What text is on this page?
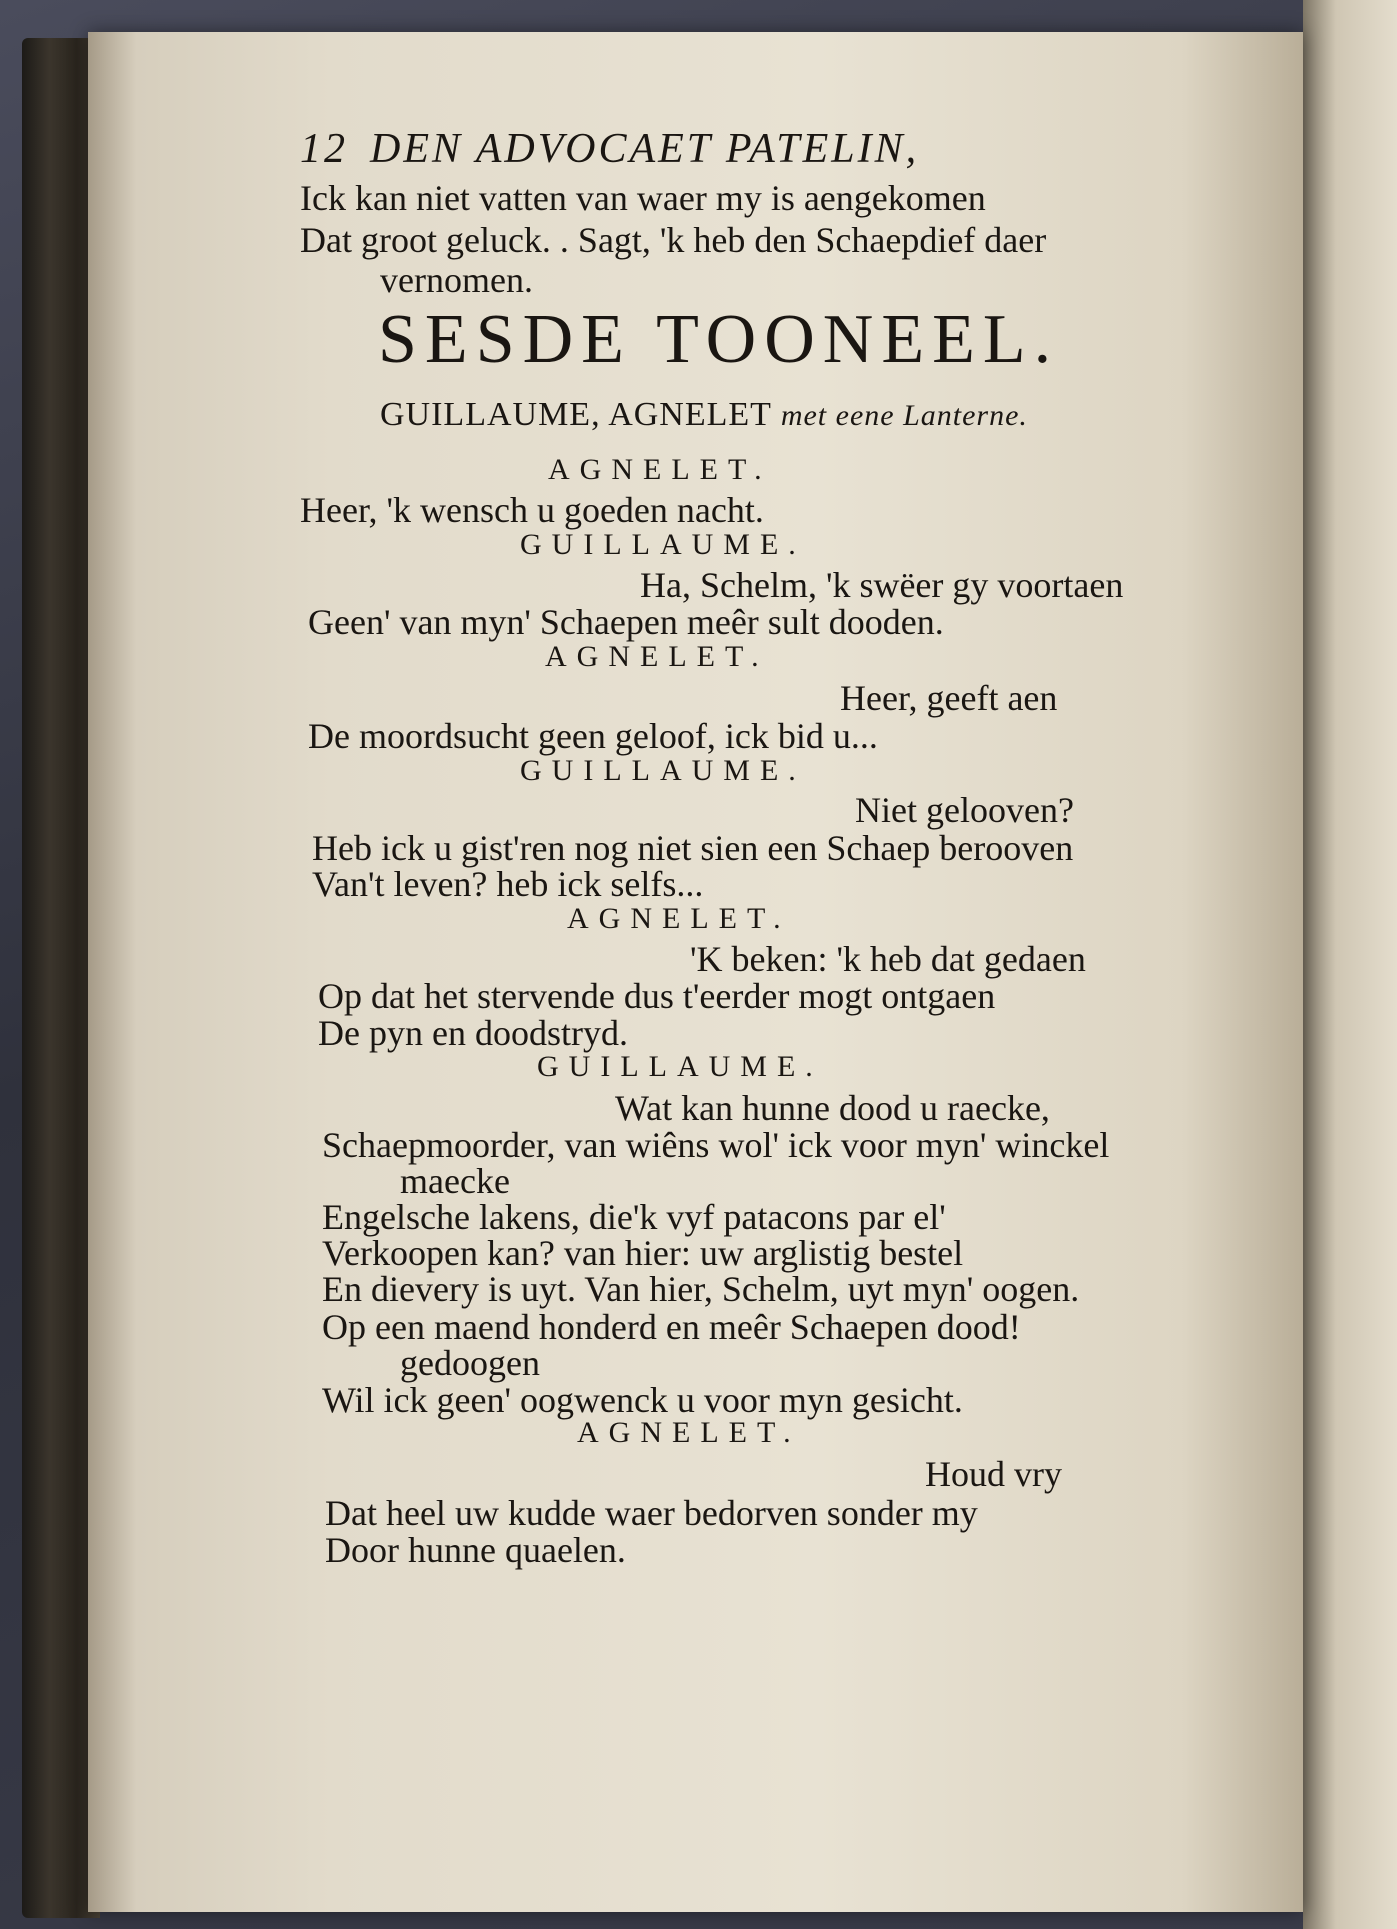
12 DEN ADVOCAET PATELIN,
Ick kan niet vatten van waer my is aengekomen
Dat groot geluck. . Sagt, 'k heb den Schaepdief daer
vernomen.
SESDE TOONEEL.
GUILLAUME, AGNELET met eene Lanterne.
AGNELET.
Heer, 'k wensch u goeden nacht.
GUILLAUME.
Ha, Schelm, 'k swëer gy voortaen
Geen' van myn' Schaepen meêr sult dooden.
AGNELET.
Heer, geeft aen
De moordsucht geen geloof, ick bid u...
GUILLAUME.
Niet gelooven?
Heb ick u gist'ren nog niet sien een Schaep berooven
Van't leven? heb ick selfs...
AGNELET.
'K beken: 'k heb dat gedaen
Op dat het stervende dus t'eerder mogt ontgaen
De pyn en doodstryd.
GUILLAUME.
Wat kan hunne dood u raecke,
Schaepmoorder, van wiêns wol' ick voor myn' winckel
maecke
Engelsche lakens, die'k vyf patacons par el'
Verkoopen kan? van hier: uw arglistig bestel
En dievery is uyt. Van hier, Schelm, uyt myn' oogen.
Op een maend honderd en meêr Schaepen dood!
gedoogen
Wil ick geen' oogwenck u voor myn gesicht.
AGNELET.
Houd vry
Dat heel uw kudde waer bedorven sonder my
Door hunne quaelen.
